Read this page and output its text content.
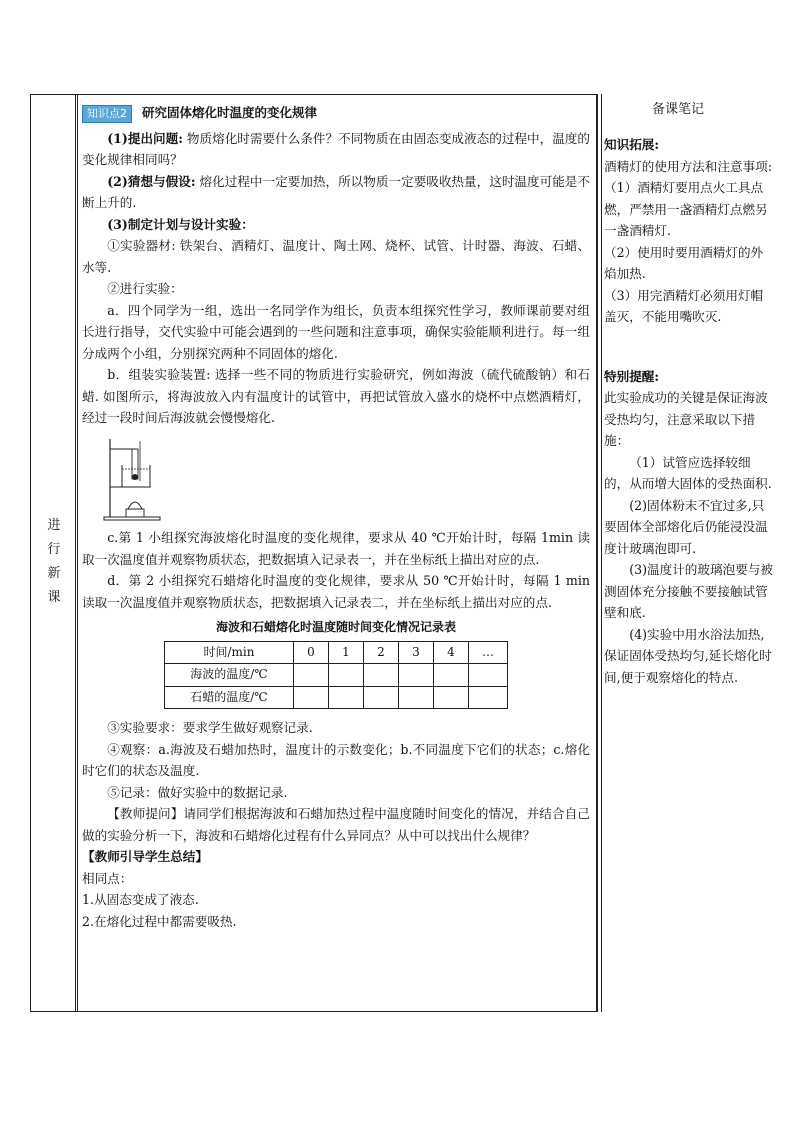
备课笔记
进
行
新
课

知识点2 研究固体熔化时温度的变化规律

(1)提出问题: 物质熔化时需要什么条件？不同物质在由固态变成液态的过程中，温度的变化规律相同吗？

(2)猜想与假设: 熔化过程中一定要加热，所以物质一定要吸收热量，这时温度可能是不断上升的.

(3)制定计划与设计实验：

①实验器材: 铁架台、酒精灯、温度计、陶土网、烧杯、试管、计时器、海波、石蜡、水等.

②进行实验：

a．四个同学为一组，选出一名同学作为组长，负责本组探究性学习，教师课前要对组长进行指导，交代实验中可能会遇到的一些问题和注意事项，确保实验能顺利进行。每一组分成两个小组，分别探究两种不同固体的熔化.

b．组装实验装置: 选择一些不同的物质进行实验研究，例如海波（硫代硫酸钠）和石蜡. 如图所示，将海波放入内有温度计的试管中，再把试管放入盛水的烧杯中点燃酒精灯，经过一段时间后海波就会慢慢熔化.

c.第 1 小组探究海波熔化时温度的变化规律，要求从 40 ℃开始计时，每隔 1min 读取一次温度值并观察物质状态，把数据填入记录表一，并在坐标纸上描出对应的点.

d．第 2 小组探究石蜡熔化时温度的变化规律，要求从 50 ℃开始计时，每隔 1 min 读取一次温度值并观察物质状态，把数据填入记录表二，并在坐标纸上描出对应的点.

海波和石蜡熔化时温度随时间变化情况记录表
时间/min	0	1	2	3	4	…
海波的温度/℃						
石蜡的温度/℃						

③实验要求：要求学生做好观察记录.

④观察：a.海波及石蜡加热时，温度计的示数变化；b.不同温度下它们的状态；c.熔化时它们的状态及温度.

⑤记录：做好实验中的数据记录.

【教师提问】请同学们根据海波和石蜡加热过程中温度随时间变化的情况，并结合自己做的实验分析一下，海波和石蜡熔化过程有什么异同点？从中可以找出什么规律？

【教师引导学生总结】

相同点：

1.从固态变成了液态.

2.在熔化过程中都需要吸热.

知识拓展:

酒精灯的使用方法和注意事项:

（1）酒精灯要用点火工具点燃，严禁用一盏酒精灯点燃另一盏酒精灯.

（2）使用时要用酒精灯的外焰加热.

（3）用完酒精灯必须用灯帽盖灭，不能用嘴吹灭.

特别提醒:

此实验成功的关键是保证海波受热均匀，注意采取以下措施：

（1）试管应选择较细的，从而增大固体的受热面积.

(2)固体粉末不宜过多,只要固体全部熔化后仍能浸没温度计玻璃泡即可.

(3)温度计的玻璃泡要与被测固体充分接触不要接触试管壁和底.

(4)实验中用水浴法加热,保证固体受热均匀,延长熔化时间,便于观察熔化的特点.
